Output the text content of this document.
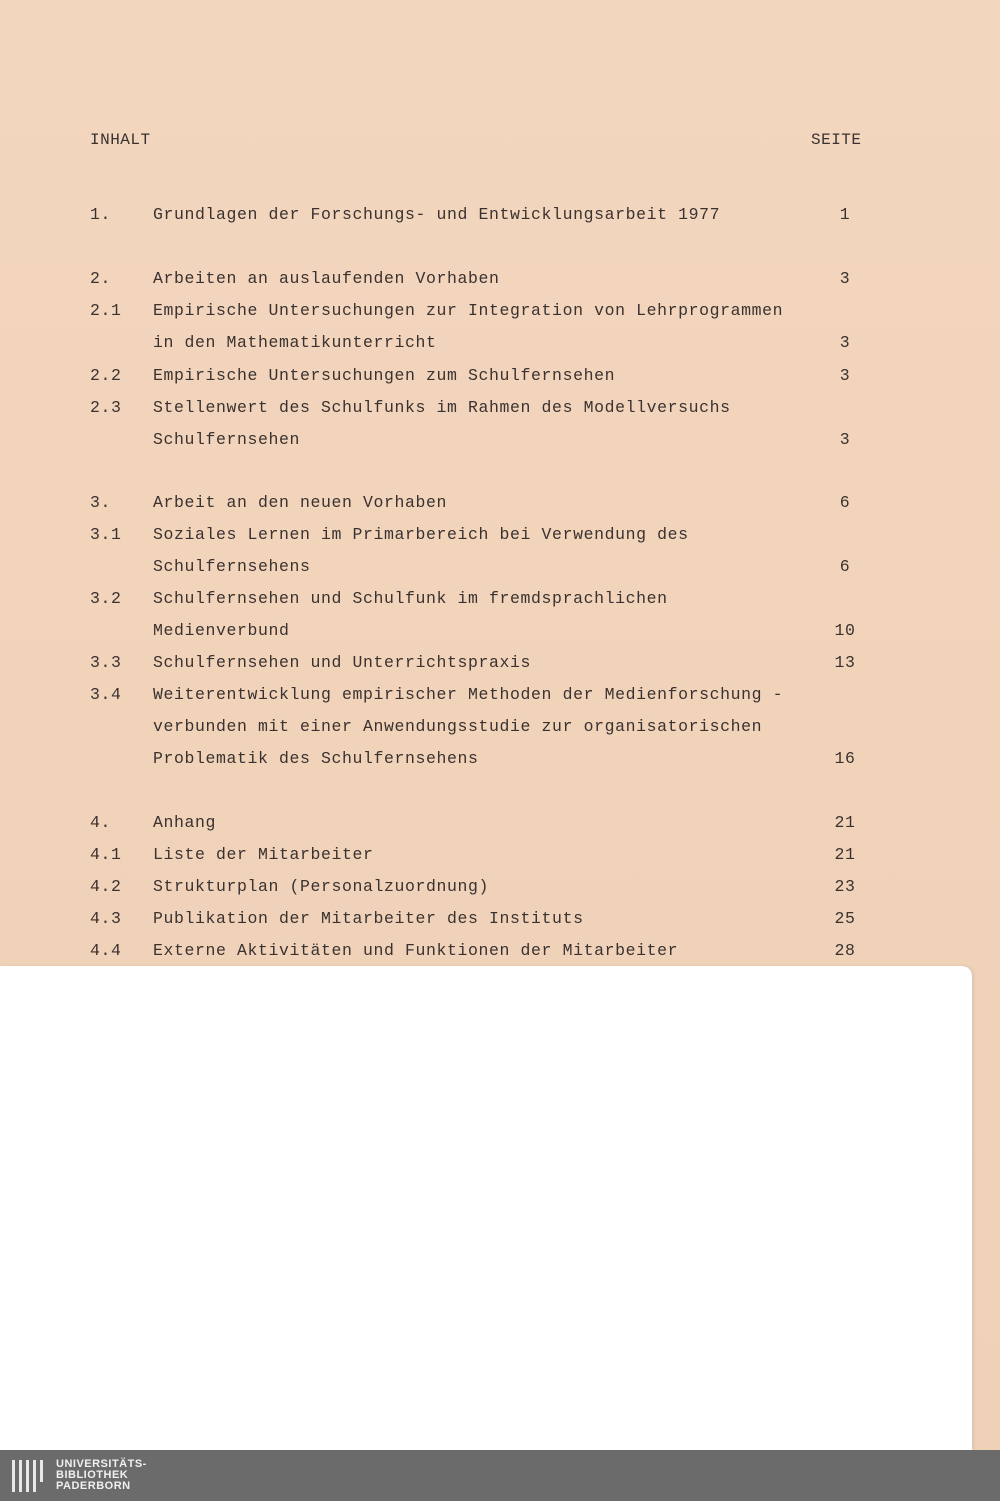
INHALT	SEITE
1.	Grundlagen der Forschungs- und Entwicklungsarbeit 1977	1
2.	Arbeiten an auslaufenden Vorhaben	3
2.1 Empirische Untersuchungen zur Integration von Lehrprogrammen
in den Mathematikunterricht	3
2.2 Empirische Untersuchungen zum Schulfernsehen	3
2.3 Stellenwert des Schulfunks im Rahmen des Modellversuchs
Schulfernsehen	3
3.	Arbeit an den neuen Vorhaben	6
3.1 Soziales Lernen im Primarbereich bei Verwendung des
Schulfernsehens	6
3.2 Schulfernsehen und Schulfunk im fremdsprachlichen
Medienverbund	10
3.3 Schulfernsehen und Unterrichtspraxis	13
3.4 Weiterentwicklung empirischer Methoden der Medienforschung -
verbunden mit einer Anwendungsstudie zur organisatorischen
Problematik des Schulfernsehens	16
4.	Anhang	21
4.1 Liste der Mitarbeiter	21
4.2 Strukturplan (Personalzuordnung)	23
4.3 Publikation der Mitarbeiter des Instituts	25
4.4 Externe Aktivitäten und Funktionen der Mitarbeiter	28
UNIVERSITÄTS-
BIBLIOTHEK
PADERBORN
